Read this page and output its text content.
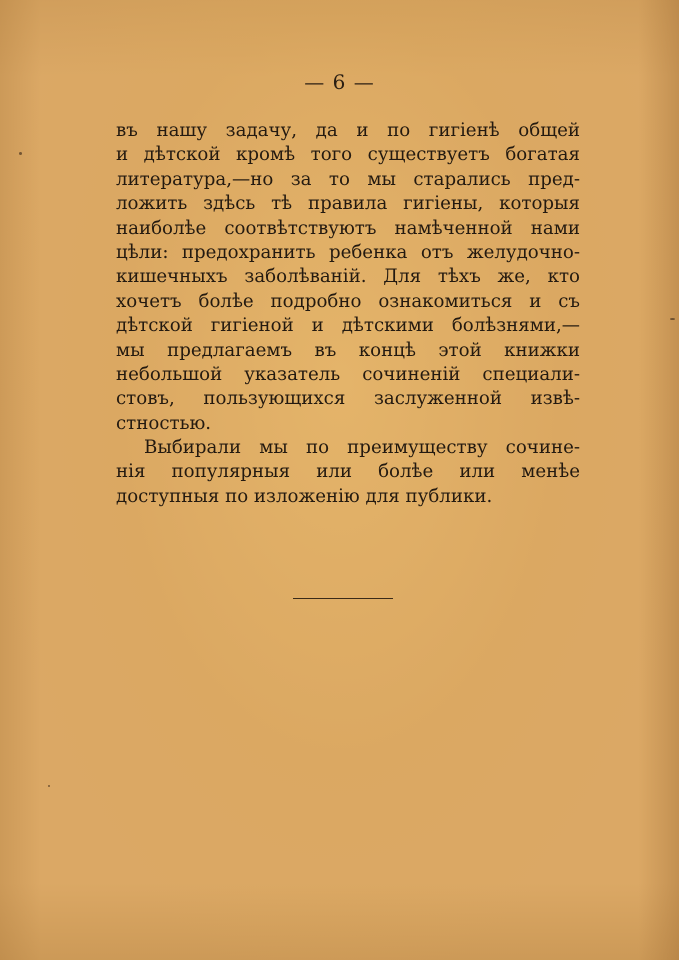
— 6 —
въ нашу задачу, да и по гигіенѣ общей
и дѣтской кромѣ того существуетъ богатая
литература,—но за то мы старались пред-
ложить здѣсь тѣ правила гигіены, которыя
наиболѣе соотвѣтствуютъ намѣченной нами
цѣли: предохранить ребенка отъ желудочно-
кишечныхъ заболѣваній. Для тѣхъ же, кто
хочетъ болѣе подробно ознакомиться и съ
дѣтской гигіеной и дѣтскими болѣзнями,—
мы предлагаемъ въ концѣ этой книжки
небольшой указатель сочиненій специали-
стовъ, пользующихся заслуженной извѣ-
стностью.
Выбирали мы по преимуществу сочине-
нія популярныя или болѣе или менѣе
доступныя по изложенію для публики.
